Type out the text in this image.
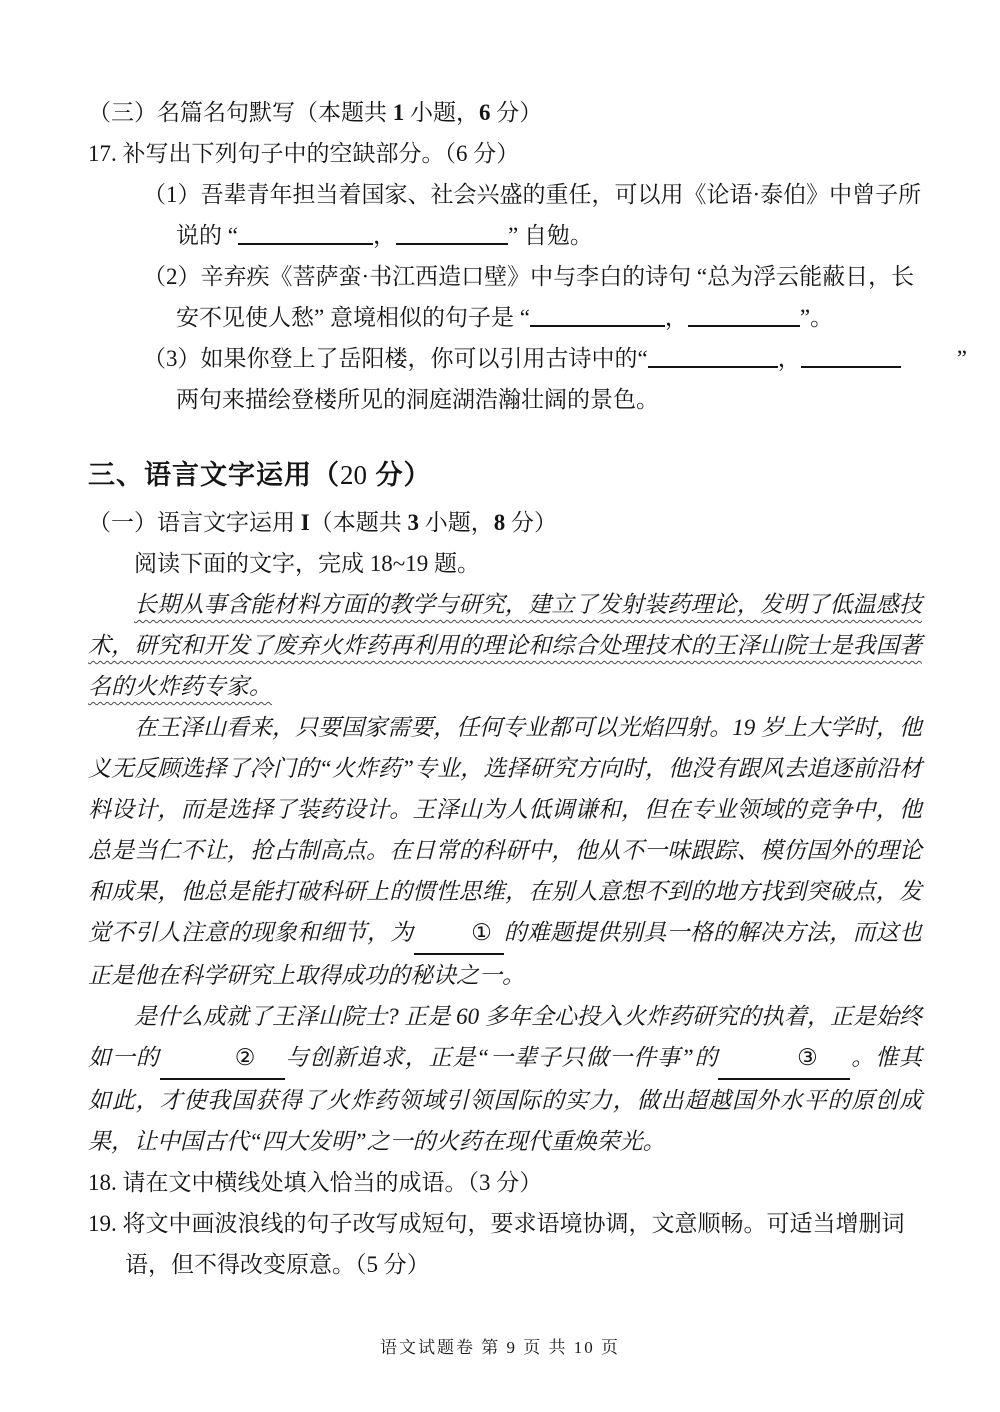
（三）名篇名句默写（本题共 1 小题，6 分）
17. 补写出下列句子中的空缺部分。（6 分）
（1）吾辈青年担当着国家、社会兴盛的重任，可以用《论语·泰伯》中曾子所
说的 “	，	” 自勉。
（2）辛弃疾《菩萨蛮·书江西造口壁》中与李白的诗句 “总为浮云能蔽日，长
安不见使人愁” 意境相似的句子是 “	，	”。
（3）如果你登上了岳阳楼，你可以引用古诗中的“	，	”
两句来描绘登楼所见的洞庭湖浩瀚壮阔的景色。
三、语言文字运用（20 分）
（一）语言文字运用 I（本题共 3 小题，8 分）
阅读下面的文字，完成 18~19 题。

长期从事含能材料方面的教学与研究，建立了发射装药理论，发明了低温感技术，研究和开发了废弃火炸药再利用的理论和综合处理技术的王泽山院士是我国著名的火炸药专家。

在王泽山看来，只要国家需要，任何专业都可以光焰四射。19 岁上大学时，他义无反顾选择了冷门的“火炸药”专业，选择研究方向时，他没有跟风去追逐前沿材料设计，而是选择了装药设计。王泽山为人低调谦和，但在专业领域的竞争中，他总是当仁不让，抢占制高点。在日常的科研中，他从不一味跟踪、模仿国外的理论和成果，他总是能打破科研上的惯性思维，在别人意想不到的地方找到突破点，发觉不引人注意的现象和细节，为	① 的难题提供别具一格的解决方法，而这也正是他在科学研究上取得成功的秘诀之一。

是什么成就了王泽山院士? 正是 60 多年全心投入火炸药研究的执着，正是始终如一的	② 与创新追求，正是“一辈子只做一件事”的	③ 。惟其如此，才使我国获得了火炸药领域引领国际的实力，做出超越国外水平的原创成果，让中国古代“四大发明”之一的火药在现代重焕荣光。

18. 请在文中横线处填入恰当的成语。（3 分）
19. 将文中画波浪线的句子改写成短句，要求语境协调，文意顺畅。可适当增删词语，但不得改变原意。（5 分）
语文试题卷 第 9 页 共 10 页
